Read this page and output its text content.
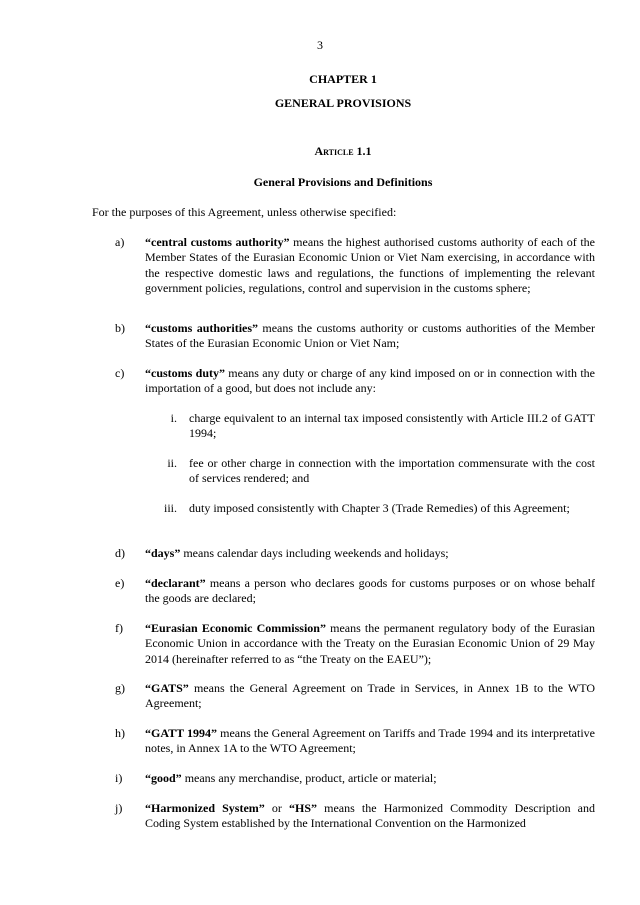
3
CHAPTER 1
GENERAL PROVISIONS
Article 1.1
General Provisions and Definitions
For the purposes of this Agreement, unless otherwise specified:
a) “central customs authority” means the highest authorised customs authority of each of the Member States of the Eurasian Economic Union or Viet Nam exercising, in accordance with the respective domestic laws and regulations, the functions of implementing the relevant government policies, regulations, control and supervision in the customs sphere;
b) “customs authorities” means the customs authority or customs authorities of the Member States of the Eurasian Economic Union or Viet Nam;
c) “customs duty” means any duty or charge of any kind imposed on or in connection with the importation of a good, but does not include any:
i. charge equivalent to an internal tax imposed consistently with Article III.2 of GATT 1994;
ii. fee or other charge in connection with the importation commensurate with the cost of services rendered; and
iii. duty imposed consistently with Chapter 3 (Trade Remedies) of this Agreement;
d) “days” means calendar days including weekends and holidays;
e) “declarant” means a person who declares goods for customs purposes or on whose behalf the goods are declared;
f) “Eurasian Economic Commission” means the permanent regulatory body of the Eurasian Economic Union in accordance with the Treaty on the Eurasian Economic Union of 29 May 2014 (hereinafter referred to as “the Treaty on the EAEU”);
g) “GATS” means the General Agreement on Trade in Services, in Annex 1B to the WTO Agreement;
h) “GATT 1994” means the General Agreement on Tariffs and Trade 1994 and its interpretative notes, in Annex 1A to the WTO Agreement;
i) “good” means any merchandise, product, article or material;
j) “Harmonized System” or “HS” means the Harmonized Commodity Description and Coding System established by the International Convention on the Harmonized
